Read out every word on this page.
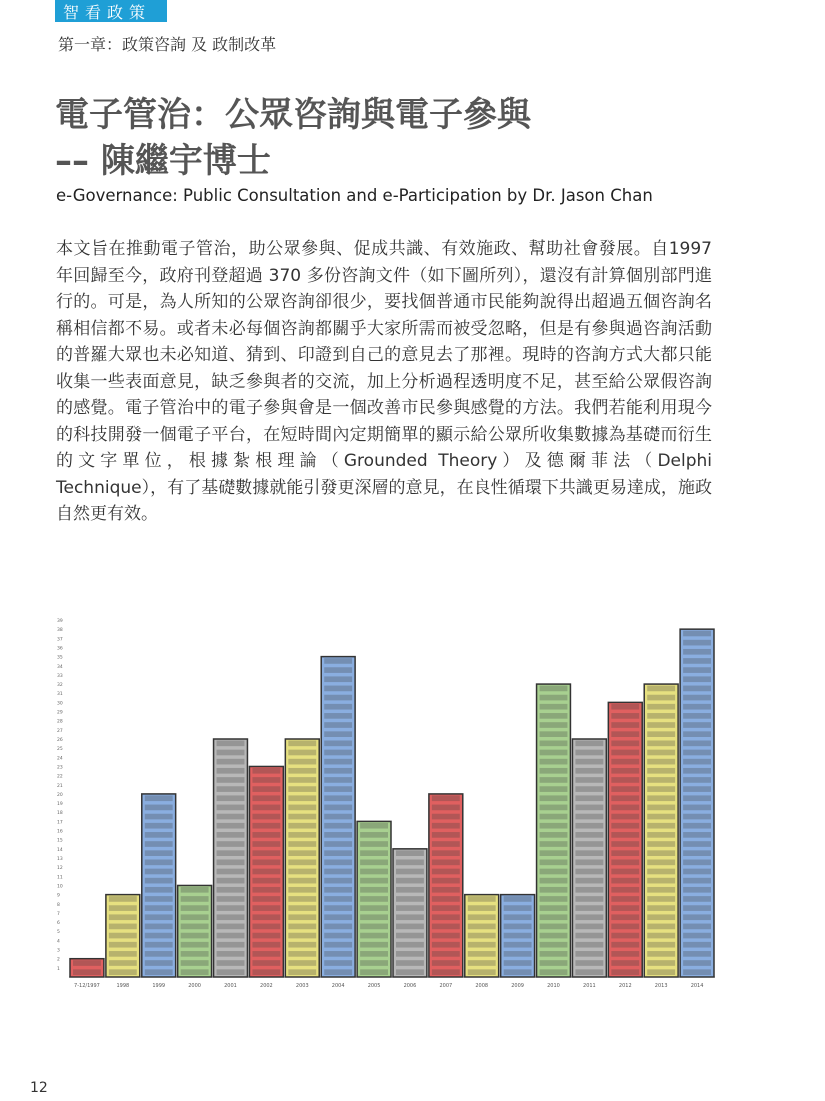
智看政策
第一章：政策咨詢 及 政制改革
電子管治：公眾咨詢與電子參與
–– 陳繼宇博士
e-Governance: Public Consultation and e-Participation by Dr. Jason Chan

本文旨在推動電子管治，助公眾參與、促成共識、有效施政、幫助社會發展。自1997 年回歸至今，政府刊登超過 370 多份咨詢文件（如下圖所列），還沒有計算個別部門進行的。可是，為人所知的公眾咨詢卻很少，要找個普通市民能夠說得出超過五個咨詢名稱相信都不易。或者未必每個咨詢都關乎大家所需而被受忽略，但是有參與過咨詢活動的普羅大眾也未必知道、猜到、印證到自己的意見去了那裡。現時的咨詢方式大都只能收集一些表面意見，缺乏參與者的交流，加上分析過程透明度不足，甚至給公眾假咨詢的感覺。電子管治中的電子參與會是一個改善市民參與感覺的方法。我們若能利用現今的科技開發一個電子平台，在短時間內定期簡單的顯示給公眾所收集數據為基礎而衍生的文字單位，根據紮根理論（Grounded Theory）及德爾菲法（Delphi Technique），有了基礎數據就能引發更深層的意見，在良性循環下共識更易達成，施政自然更有效。

1
2
3
4
5
6
7
8
9
10
11
12
13
14
15
16
17
18
19
20
21
22
23
24
25
26
27
28
29
30
31
32
33
34
35
36
37
38
39
7-12/1997	1998	1999	2000	2001	2002	2003	2004	2005	2006	2007	2008	2009	2010	2011	2012	2013	2014
12
